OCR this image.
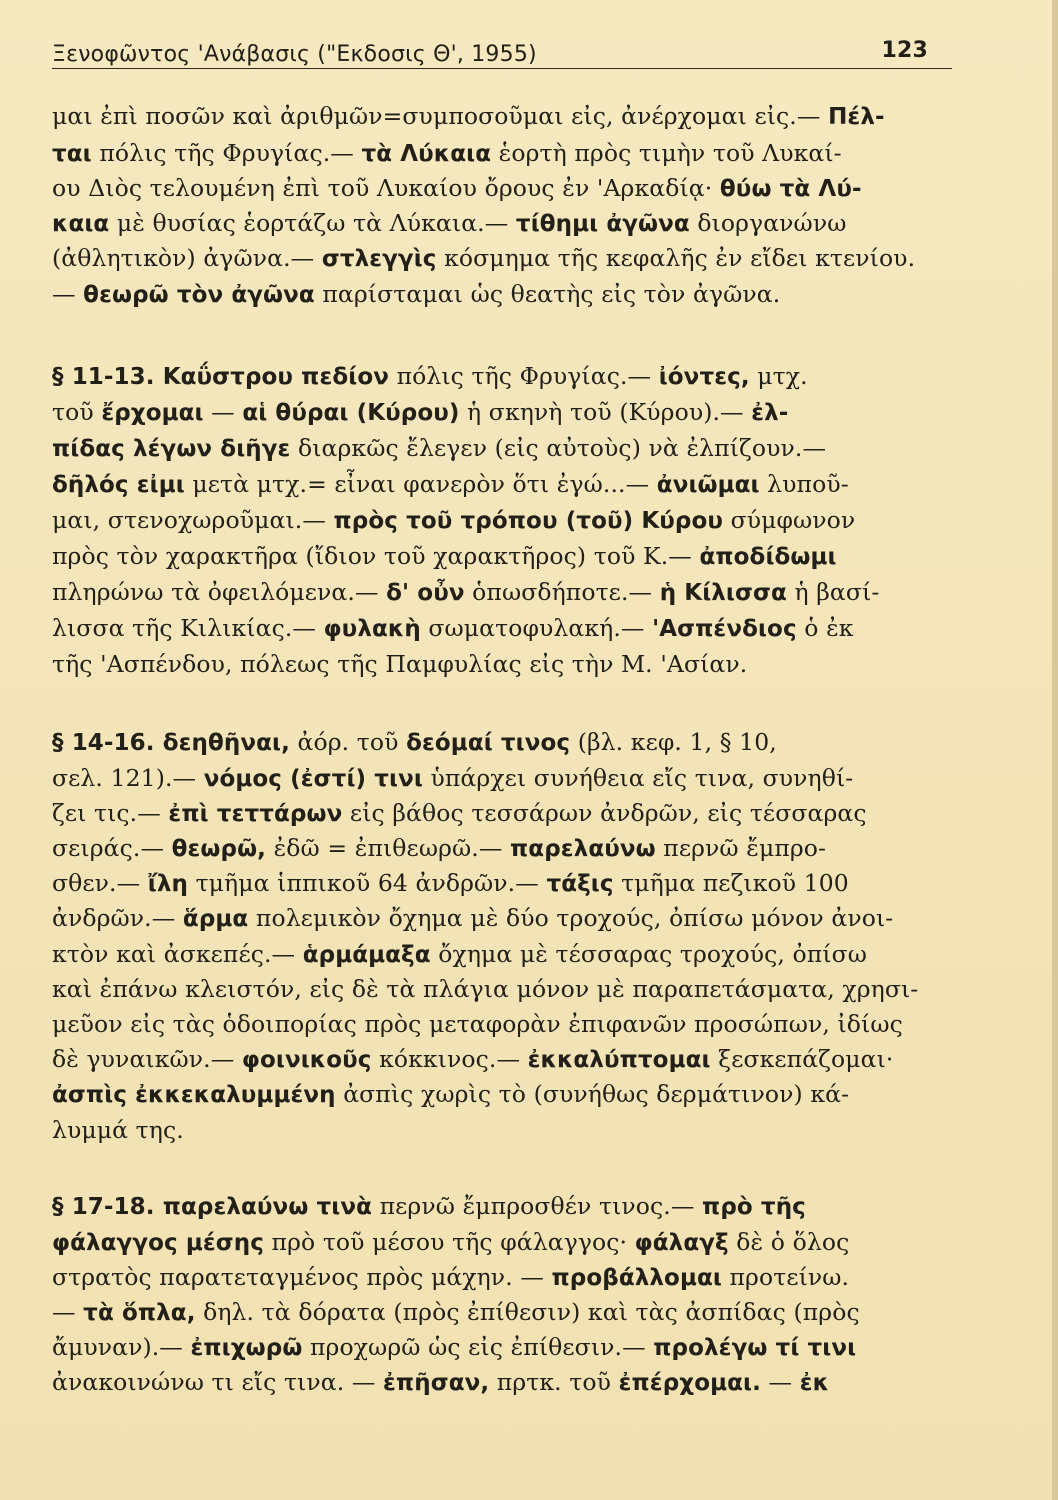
Ξενοφῶντος 'Ανάβασις ("Εκδοσις Θ', 1955)	123
μαι ἐπὶ ποσῶν καὶ ἀριθμῶν=συμποσοῦμαι εἰς, ἀνέρχομαι εἰς.— Πέλ-
ται πόλις τῆς Φρυγίας.— τὰ Λύκαια ἑορτὴ πρὸς τιμὴν τοῦ Λυκαί-
ου Διὸς τελουμένη ἐπὶ τοῦ Λυκαίου ὄρους ἐν 'Αρκαδίᾳ· θύω τὰ Λύ-
καια μὲ θυσίας ἑορτάζω τὰ Λύκαια.— τίθημι ἀγῶνα διοργανώνω
(ἀθλητικὸν) ἀγῶνα.— στλεγγὶς κόσμημα τῆς κεφαλῆς ἐν εἴδει κτενίου.
— θεωρῶ τὸν ἀγῶνα παρίσταμαι ὡς θεατὴς εἰς τὸν ἀγῶνα.
§ 11-13. Καΰστρου πεδίον πόλις τῆς Φρυγίας.— ἰόντες, μτχ.
τοῦ ἔρχομαι — αἱ θύραι (Κύρου) ἡ σκηνὴ τοῦ (Κύρου).— ἐλ-
πίδας λέγων διῆγε διαρκῶς ἔλεγεν (εἰς αὐτοὺς) νὰ ἐλπίζουν.—
δῆλός εἰμι μετὰ μτχ.= εἶναι φανερὸν ὅτι ἐγώ...— ἀνιῶμαι λυποῦ-
μαι, στενοχωροῦμαι.— πρὸς τοῦ τρόπου (τοῦ) Κύρου σύμφωνον
πρὸς τὸν χαρακτῆρα (ἴδιον τοῦ χαρακτῆρος) τοῦ Κ.— ἀποδίδωμι
πληρώνω τὰ ὀφειλόμενα.— δ' οὖν ὁπωσδήποτε.— ἡ Κίλισσα ἡ βασί-
λισσα τῆς Κιλικίας.— φυλακὴ σωματοφυλακή.— 'Ασπένδιος ὁ ἐκ
τῆς 'Ασπένδου, πόλεως τῆς Παμφυλίας εἰς τὴν Μ. 'Ασίαν.
§ 14-16. δεηθῆναι, ἀόρ. τοῦ δεόμαί τινος (βλ. κεφ. 1, § 10,
σελ. 121).— νόμος (ἐστί) τινι ὑπάρχει συνήθεια εἴς τινα, συνηθί-
ζει τις.— ἐπὶ τεττάρων εἰς βάθος τεσσάρων ἀνδρῶν, εἰς τέσσαρας
σειράς.— θεωρῶ, ἐδῶ = ἐπιθεωρῶ.— παρελαύνω περνῶ ἔμπρο-
σθεν.— ἴλη τμῆμα ἱππικοῦ 64 ἀνδρῶν.— τάξις τμῆμα πεζικοῦ 100
ἀνδρῶν.— ἅρμα πολεμικὸν ὄχημα μὲ δύο τροχούς, ὀπίσω μόνον ἀνοι-
κτὸν καὶ ἀσκεπές.— ἁρμάμαξα ὄχημα μὲ τέσσαρας τροχούς, ὀπίσω
καὶ ἐπάνω κλειστόν, εἰς δὲ τὰ πλάγια μόνον μὲ παραπετάσματα, χρησι-
μεῦον εἰς τὰς ὁδοιπορίας πρὸς μεταφορὰν ἐπιφανῶν προσώπων, ἰδίως
δὲ γυναικῶν.— φοινικοῦς κόκκινος.— ἐκκαλύπτομαι ξεσκεπάζομαι·
ἀσπὶς ἐκκεκαλυμμένη ἀσπὶς χωρὶς τὸ (συνήθως δερμάτινον) κά-
λυμμά της.
§ 17-18. παρελαύνω τινὰ περνῶ ἔμπροσθέν τινος.— πρὸ τῆς
φάλαγγος μέσης πρὸ τοῦ μέσου τῆς φάλαγγος· φάλαγξ δὲ ὁ ὅλος
στρατὸς παρατεταγμένος πρὸς μάχην. — προβάλλομαι προτείνω.
— τὰ ὅπλα, δηλ. τὰ δόρατα (πρὸς ἐπίθεσιν) καὶ τὰς ἀσπίδας (πρὸς
ἄμυναν).— ἐπιχωρῶ προχωρῶ ὡς εἰς ἐπίθεσιν.— προλέγω τί τινι
ἀνακοινώνω τι εἴς τινα. — ἐπῆσαν, πρτκ. τοῦ ἐπέρχομαι. — ἐκ
